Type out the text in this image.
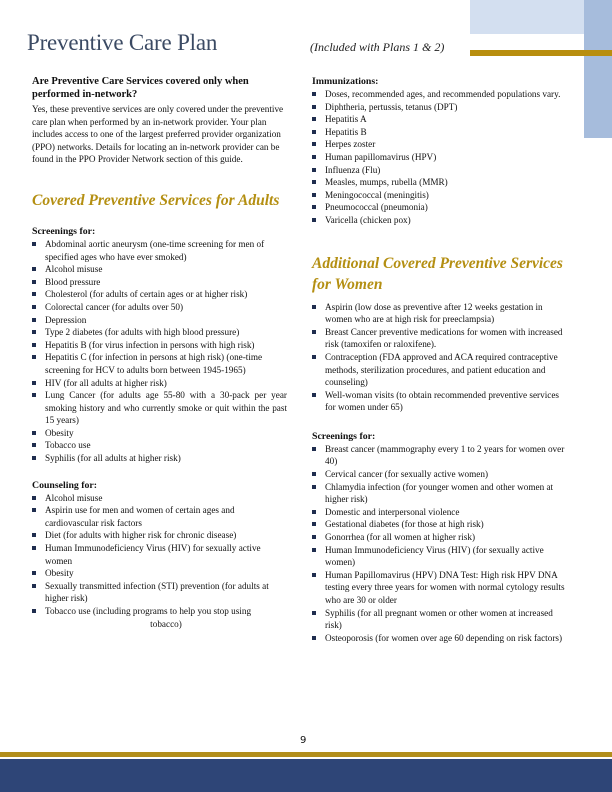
Preventive Care Plan	(Included with Plans 1 & 2)

Are Preventive Care Services covered only when performed in-network?

Yes, these preventive services are only covered under the preventive care plan when performed by an in-network provider. Your plan includes access to one of the largest preferred provider organization (PPO) networks. Details for locating an in-network provider can be found in the PPO Provider Network section of this guide.

Covered Preventive Services for Adults

Screenings for:

Abdominal aortic aneurysm (one-time screening for men of specified ages who have ever smoked)
Alcohol misuse
Blood pressure
Cholesterol (for adults of certain ages or at higher risk)
Colorectal cancer (for adults over 50)
Depression
Type 2 diabetes (for adults with high blood pressure)
Hepatitis B (for virus infection in persons with high risk)
Hepatitis C (for infection in persons at high risk) (one-time screening for HCV to adults born between 1945-1965)
HIV (for all adults at higher risk)
Lung Cancer (for adults age 55-80 with a 30-pack per year smoking history and who currently smoke or quit within the past 15 years)
Obesity
Tobacco use
Syphilis (for all adults at higher risk)

Counseling for:

Alcohol misuse
Aspirin use for men and women of certain ages and cardiovascular risk factors
Diet (for adults with higher risk for chronic disease)
Human Immunodeficiency Virus (HIV) for sexually active women
Obesity
Sexually transmitted infection (STI) prevention (for adults at higher risk)
Tobacco use (including programs to help you stop using
tobacco)

Immunizations:

Doses, recommended ages, and recommended populations vary.
Diphtheria, pertussis, tetanus (DPT)
Hepatitis A
Hepatitis B
Herpes zoster
Human papillomavirus (HPV)
Influenza (Flu)
Measles, mumps, rubella (MMR)
Meningococcal (meningitis)
Pneumococcal (pneumonia)
Varicella (chicken pox)

Additional Covered Preventive Services for Women

Aspirin (low dose as preventive after 12 weeks gestation in women who are at high risk for preeclampsia)
Breast Cancer preventive medications for women with increased risk (tamoxifen or raloxifene).
Contraception (FDA approved and ACA required contraceptive methods, sterilization procedures, and patient education and counseling)
Well-woman visits (to obtain recommended preventive services for women under 65)

Screenings for:

Breast cancer (mammography every 1 to 2 years for women over 40)
Cervical cancer (for sexually active women)
Chlamydia infection (for younger women and other women at higher risk)
Domestic and interpersonal violence
Gestational diabetes (for those at high risk)
Gonorrhea (for all women at higher risk)
Human Immunodeficiency Virus (HIV) (for sexually active women)
Human Papillomavirus (HPV) DNA Test: High risk HPV DNA testing every three years for women with normal cytology results who are 30 or older
Syphilis (for all pregnant women or other women at increased risk)
Osteoporosis (for women over age 60 depending on risk factors)
9
